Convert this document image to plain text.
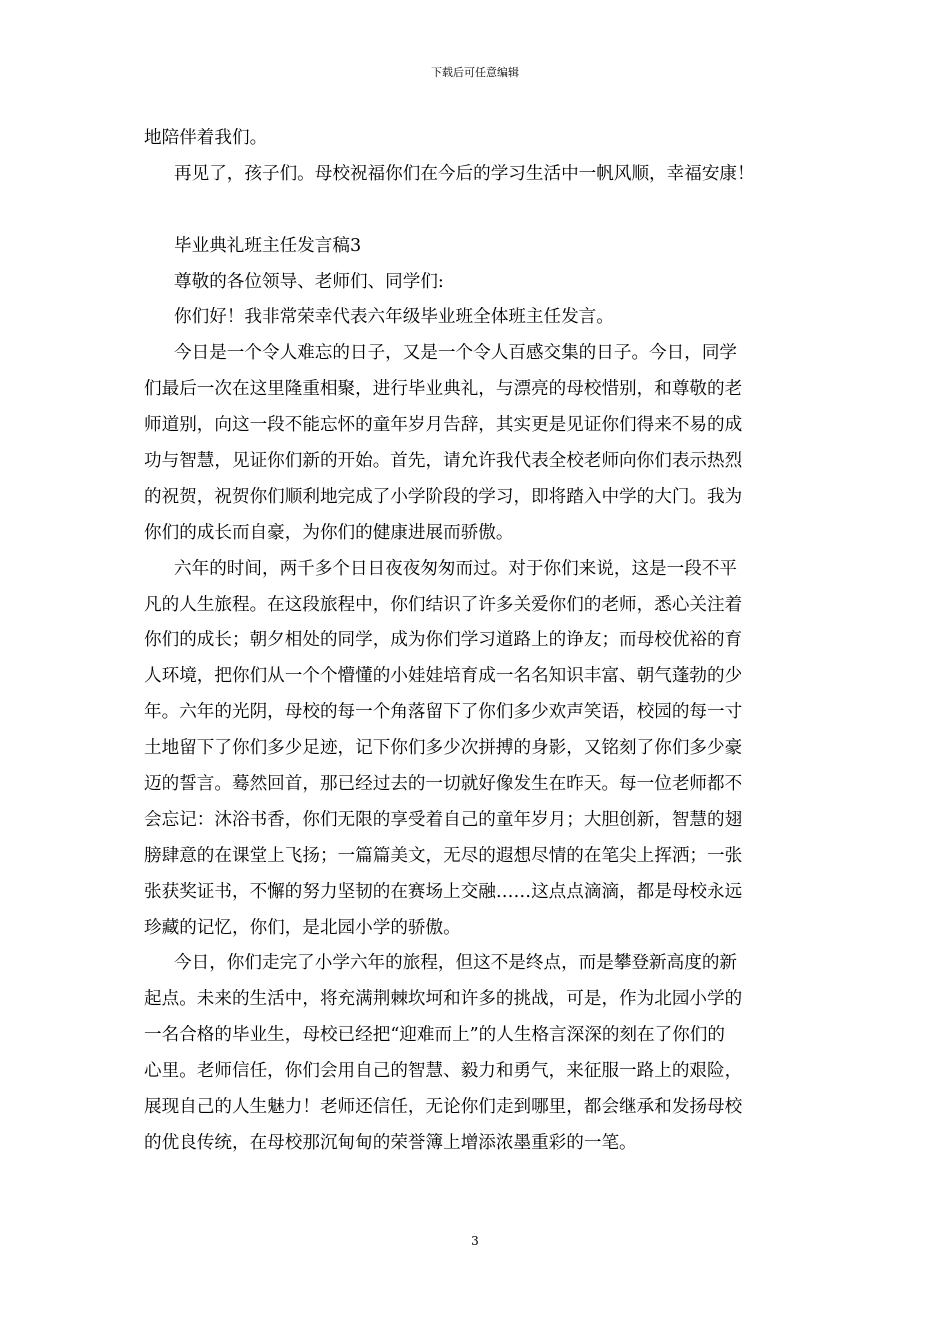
下载后可任意编辑
地陪伴着我们。
再见了，孩子们。母校祝福你们在今后的学习生活中一帆风顺，幸福安康！
毕业典礼班主任发言稿3
尊敬的各位领导、老师们、同学们:
你们好！我非常荣幸代表六年级毕业班全体班主任发言。
今日是一个令人难忘的日子，又是一个令人百感交集的日子。今日，同学
们最后一次在这里隆重相聚，进行毕业典礼，与漂亮的母校惜别，和尊敬的老
师道别，向这一段不能忘怀的童年岁月告辞，其实更是见证你们得来不易的成
功与智慧，见证你们新的开始。首先，请允许我代表全校老师向你们表示热烈
的祝贺，祝贺你们顺利地完成了小学阶段的学习，即将踏入中学的大门。我为
你们的成长而自豪，为你们的健康进展而骄傲。
六年的时间，两千多个日日夜夜匆匆而过。对于你们来说，这是一段不平
凡的人生旅程。在这段旅程中，你们结识了许多关爱你们的老师，悉心关注着
你们的成长；朝夕相处的同学，成为你们学习道路上的诤友；而母校优裕的育
人环境，把你们从一个个懵懂的小娃娃培育成一名名知识丰富、朝气蓬勃的少
年。六年的光阴，母校的每一个角落留下了你们多少欢声笑语，校园的每一寸
土地留下了你们多少足迹，记下你们多少次拼搏的身影，又铭刻了你们多少豪
迈的誓言。蓦然回首，那已经过去的一切就好像发生在昨天。每一位老师都不
会忘记：沐浴书香，你们无限的享受着自己的童年岁月；大胆创新，智慧的翅
膀肆意的在课堂上飞扬；一篇篇美文，无尽的遐想尽情的在笔尖上挥洒；一张
张获奖证书，不懈的努力坚韧的在赛场上交融……这点点滴滴，都是母校永远
珍藏的记忆，你们，是北园小学的骄傲。
今日，你们走完了小学六年的旅程，但这不是终点，而是攀登新高度的新
起点。未来的生活中，将充满荆棘坎坷和许多的挑战，可是，作为北园小学的
一名合格的毕业生，母校已经把“迎难而上”的人生格言深深的刻在了你们的
心里。老师信任，你们会用自己的智慧、毅力和勇气，来征服一路上的艰险，
展现自己的人生魅力！老师还信任，无论你们走到哪里，都会继承和发扬母校
的优良传统，在母校那沉甸甸的荣誉簿上增添浓墨重彩的一笔。
3
